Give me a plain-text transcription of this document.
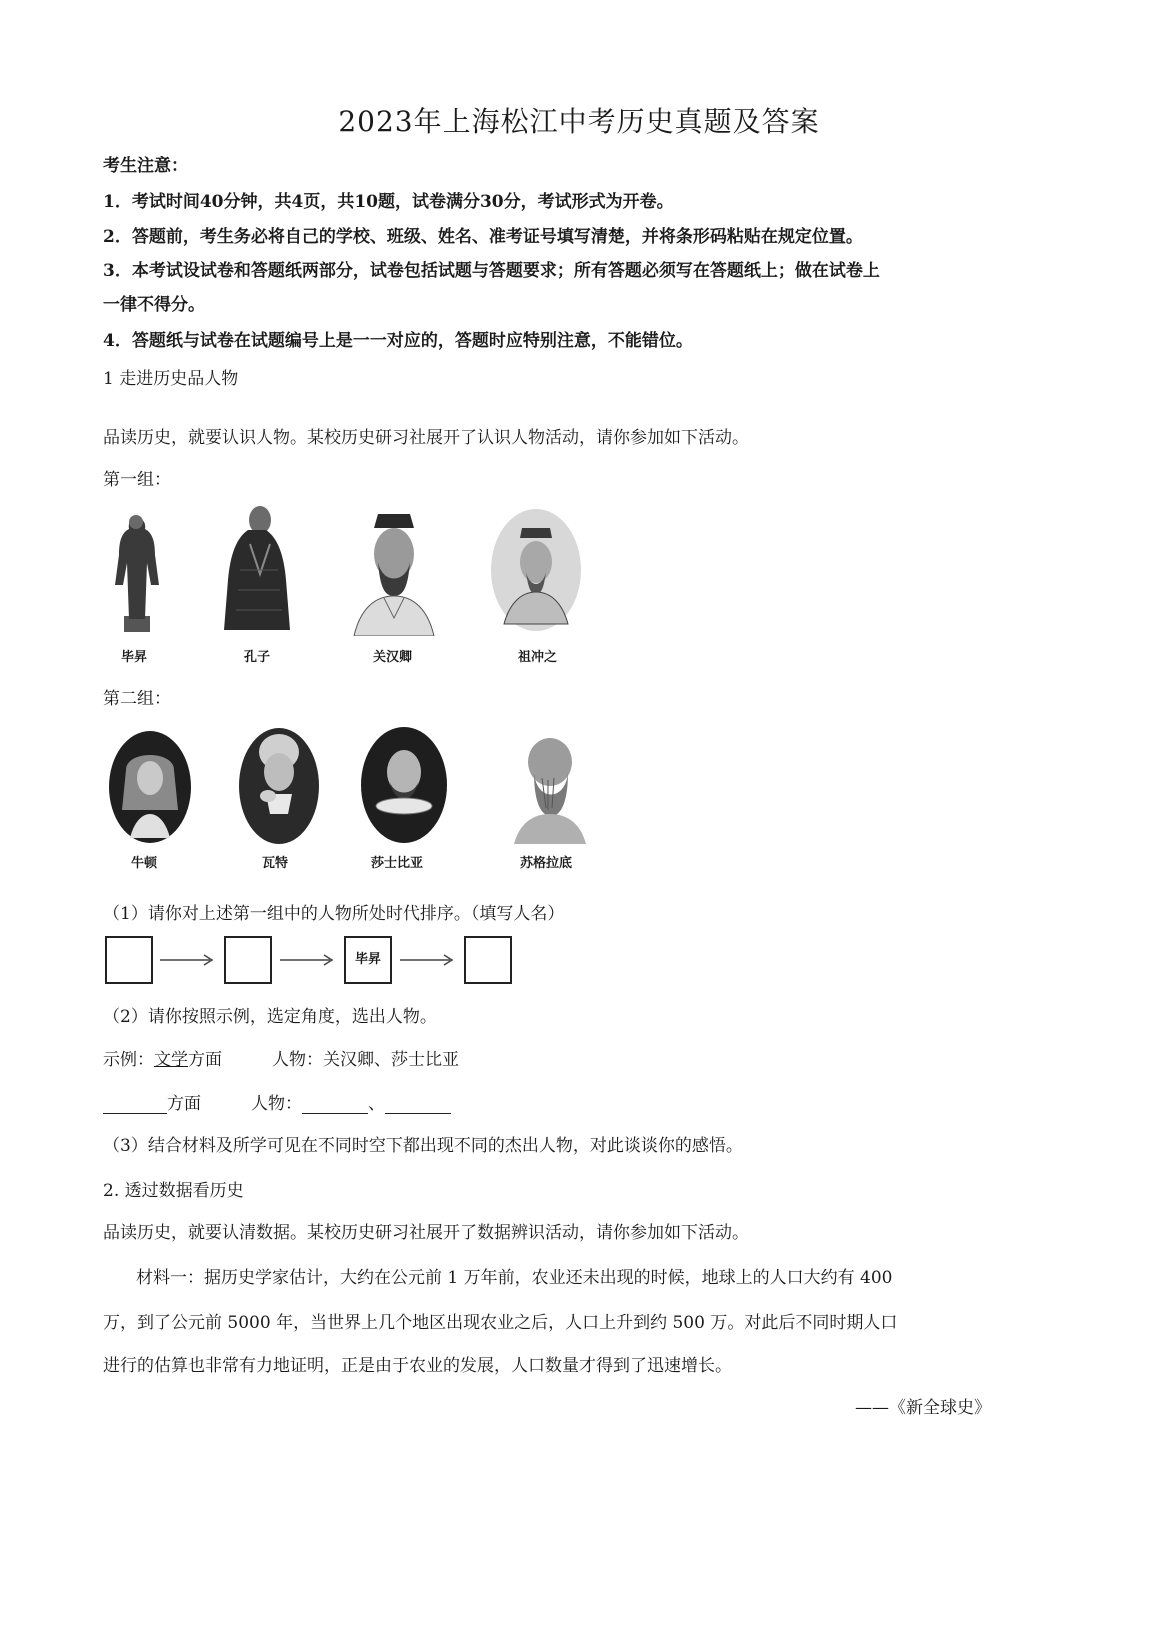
2023年上海松江中考历史真题及答案
考生注意：
1．考试时间40分钟，共4页，共10题，试卷满分30分，考试形式为开卷。
2．答题前，考生务必将自己的学校、班级、姓名、准考证号填写清楚，并将条形码粘贴在规定位置。
3．本考试设试卷和答题纸两部分，试卷包括试题与答题要求；所有答题必须写在答题纸上；做在试卷上
一律不得分。
4．答题纸与试卷在试题编号上是一一对应的，答题时应特别注意，不能错位。
1 走进历史品人物
品读历史，就要认识人物。某校历史研习社展开了认识人物活动，请你参加如下活动。
第一组：
毕昇	孔子	关汉卿	祖冲之
第二组：
牛顿	瓦特	莎士比亚	苏格拉底
（1）请你对上述第一组中的人物所处时代排序。（填写人名）
毕昇
（2）请你按照示例，选定角度，选出人物。
示例：文学方面	人物：关汉卿、莎士比亚
方面	人物：	、
（3）结合材料及所学可见在不同时空下都出现不同的杰出人物，对此谈谈你的感悟。
2. 透过数据看历史
品读历史，就要认清数据。某校历史研习社展开了数据辨识活动，请你参加如下活动。
材料一：据历史学家估计，大约在公元前 1 万年前，农业还未出现的时候，地球上的人口大约有 400
万，到了公元前 5000 年，当世界上几个地区出现农业之后，人口上升到约 500 万。对此后不同时期人口
进行的估算也非常有力地证明，正是由于农业的发展，人口数量才得到了迅速增长。
——《新全球史》
